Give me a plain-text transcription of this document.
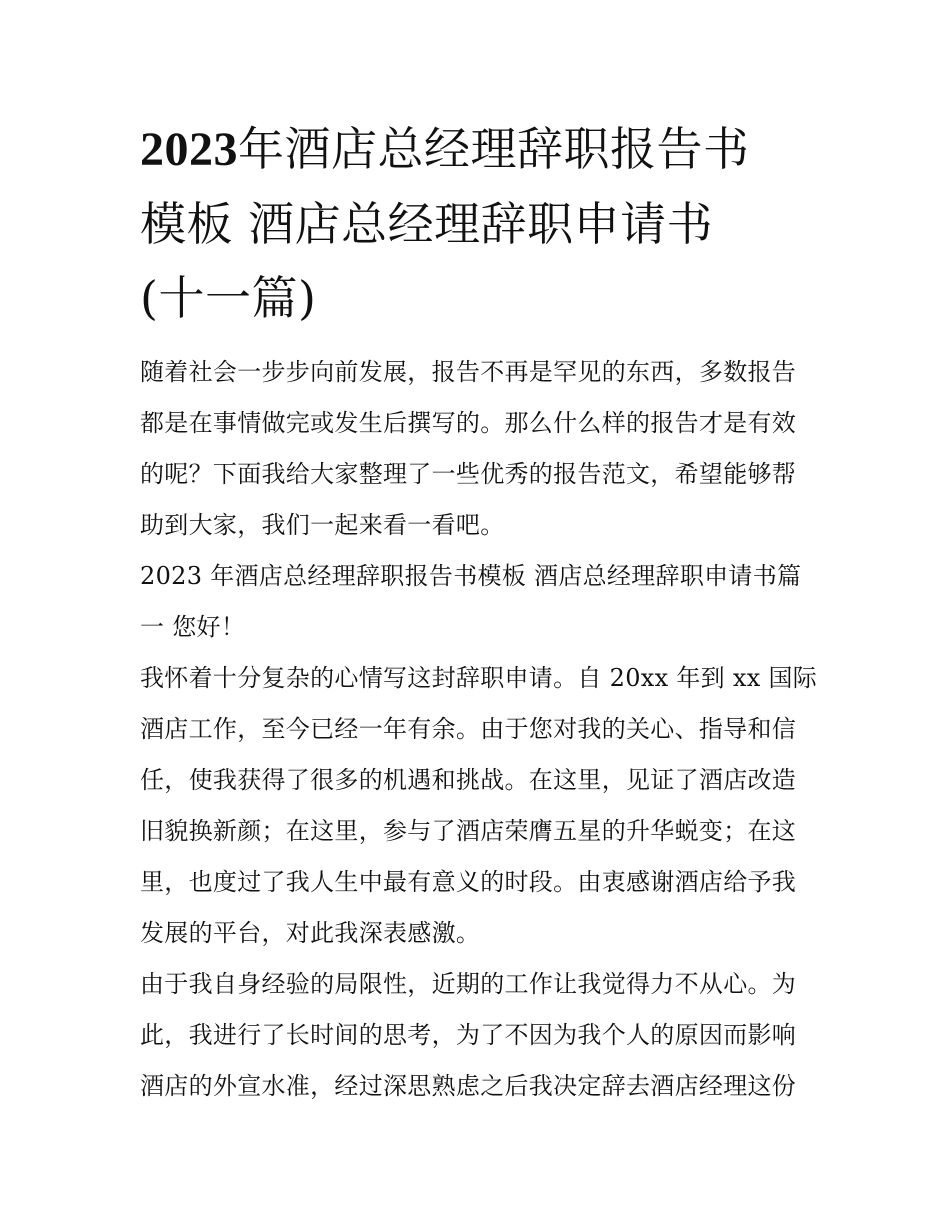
2023年酒店总经理辞职报告书
模板 酒店总经理辞职申请书
(十一篇)

随着社会一步步向前发展，报告不再是罕见的东西，多数报告
都是在事情做完或发生后撰写的。那么什么样的报告才是有效
的呢？下面我给大家整理了一些优秀的报告范文，希望能够帮
助到大家，我们一起来看一看吧。

2023 年酒店总经理辞职报告书模板 酒店总经理辞职申请书篇
一 您好！

我怀着十分复杂的心情写这封辞职申请。自 20xx 年到 xx 国际
酒店工作，至今已经一年有余。由于您对我的关心、指导和信
任，使我获得了很多的机遇和挑战。在这里，见证了酒店改造
旧貌换新颜；在这里，参与了酒店荣膺五星的升华蜕变；在这
里，也度过了我人生中最有意义的时段。由衷感谢酒店给予我
发展的平台，对此我深表感激。

由于我自身经验的局限性，近期的工作让我觉得力不从心。为
此，我进行了长时间的思考，为了不因为我个人的原因而影响
酒店的外宣水准，经过深思熟虑之后我决定辞去酒店经理这份
